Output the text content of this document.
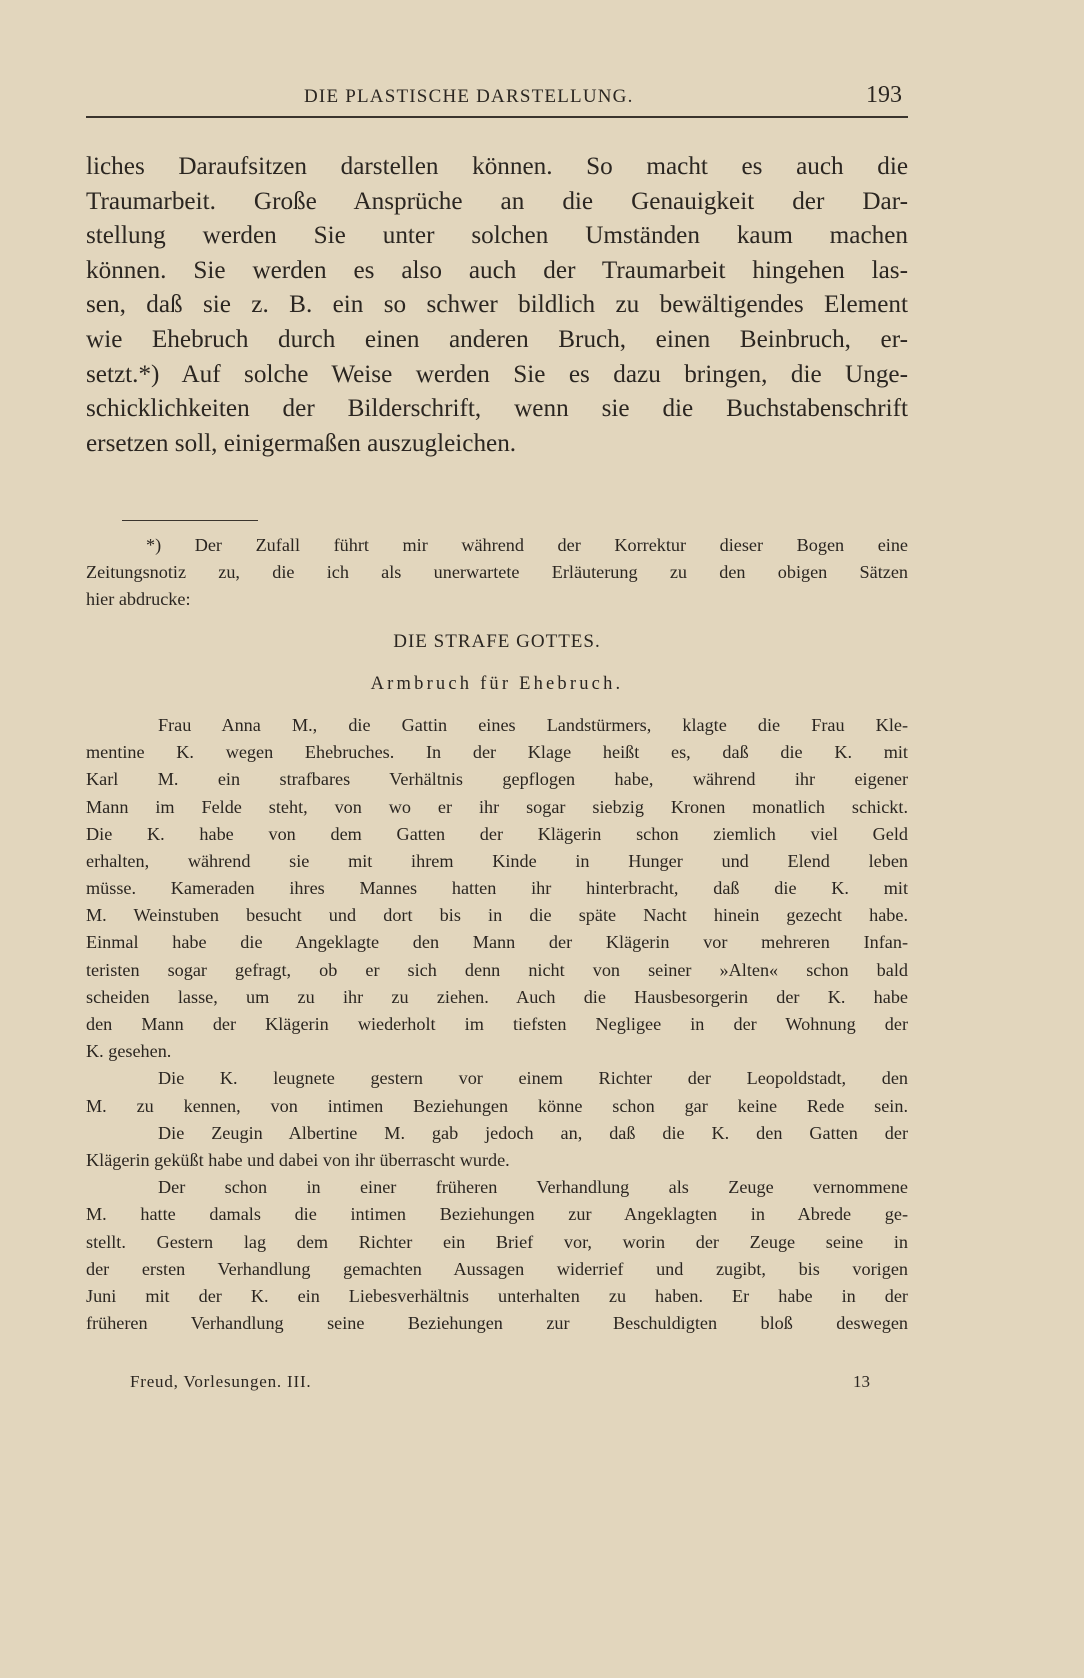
DIE PLASTISCHE DARSTELLUNG.	193
liches Daraufsitzen darstellen können. So macht es auch die
Traumarbeit. Große Ansprüche an die Genauigkeit der Dar-
stellung werden Sie unter solchen Umständen kaum machen
können. Sie werden es also auch der Traumarbeit hingehen las-
sen, daß sie z. B. ein so schwer bildlich zu bewältigendes Element
wie Ehebruch durch einen anderen Bruch, einen Beinbruch, er-
setzt.*) Auf solche Weise werden Sie es dazu bringen, die Unge-
schicklichkeiten der Bilderschrift, wenn sie die Buchstabenschrift
ersetzen soll, einigermaßen auszugleichen.
*) Der Zufall führt mir während der Korrektur dieser Bogen eine
Zeitungsnotiz zu, die ich als unerwartete Erläuterung zu den obigen Sätzen
hier abdrucke:
DIE STRAFE GOTTES.
Armbruch für Ehebruch.
Frau Anna M., die Gattin eines Landstürmers, klagte die Frau Kle-
mentine K. wegen Ehebruches. In der Klage heißt es, daß die K. mit
Karl M. ein strafbares Verhältnis gepflogen habe, während ihr eigener
Mann im Felde steht, von wo er ihr sogar siebzig Kronen monatlich schickt.
Die K. habe von dem Gatten der Klägerin schon ziemlich viel Geld
erhalten, während sie mit ihrem Kinde in Hunger und Elend leben
müsse. Kameraden ihres Mannes hatten ihr hinterbracht, daß die K. mit
M. Weinstuben besucht und dort bis in die späte Nacht hinein gezecht habe.
Einmal habe die Angeklagte den Mann der Klägerin vor mehreren Infan-
teristen sogar gefragt, ob er sich denn nicht von seiner »Alten« schon bald
scheiden lasse, um zu ihr zu ziehen. Auch die Hausbesorgerin der K. habe
den Mann der Klägerin wiederholt im tiefsten Negligee in der Wohnung der
K. gesehen.
Die K. leugnete gestern vor einem Richter der Leopoldstadt, den
M. zu kennen, von intimen Beziehungen könne schon gar keine Rede sein.
Die Zeugin Albertine M. gab jedoch an, daß die K. den Gatten der
Klägerin geküßt habe und dabei von ihr überrascht wurde.
Der schon in einer früheren Verhandlung als Zeuge vernommene
M. hatte damals die intimen Beziehungen zur Angeklagten in Abrede ge-
stellt. Gestern lag dem Richter ein Brief vor, worin der Zeuge seine in
der ersten Verhandlung gemachten Aussagen widerrief und zugibt, bis vorigen
Juni mit der K. ein Liebesverhältnis unterhalten zu haben. Er habe in der
früheren Verhandlung seine Beziehungen zur Beschuldigten bloß deswegen
Freud, Vorlesungen. III.	13
